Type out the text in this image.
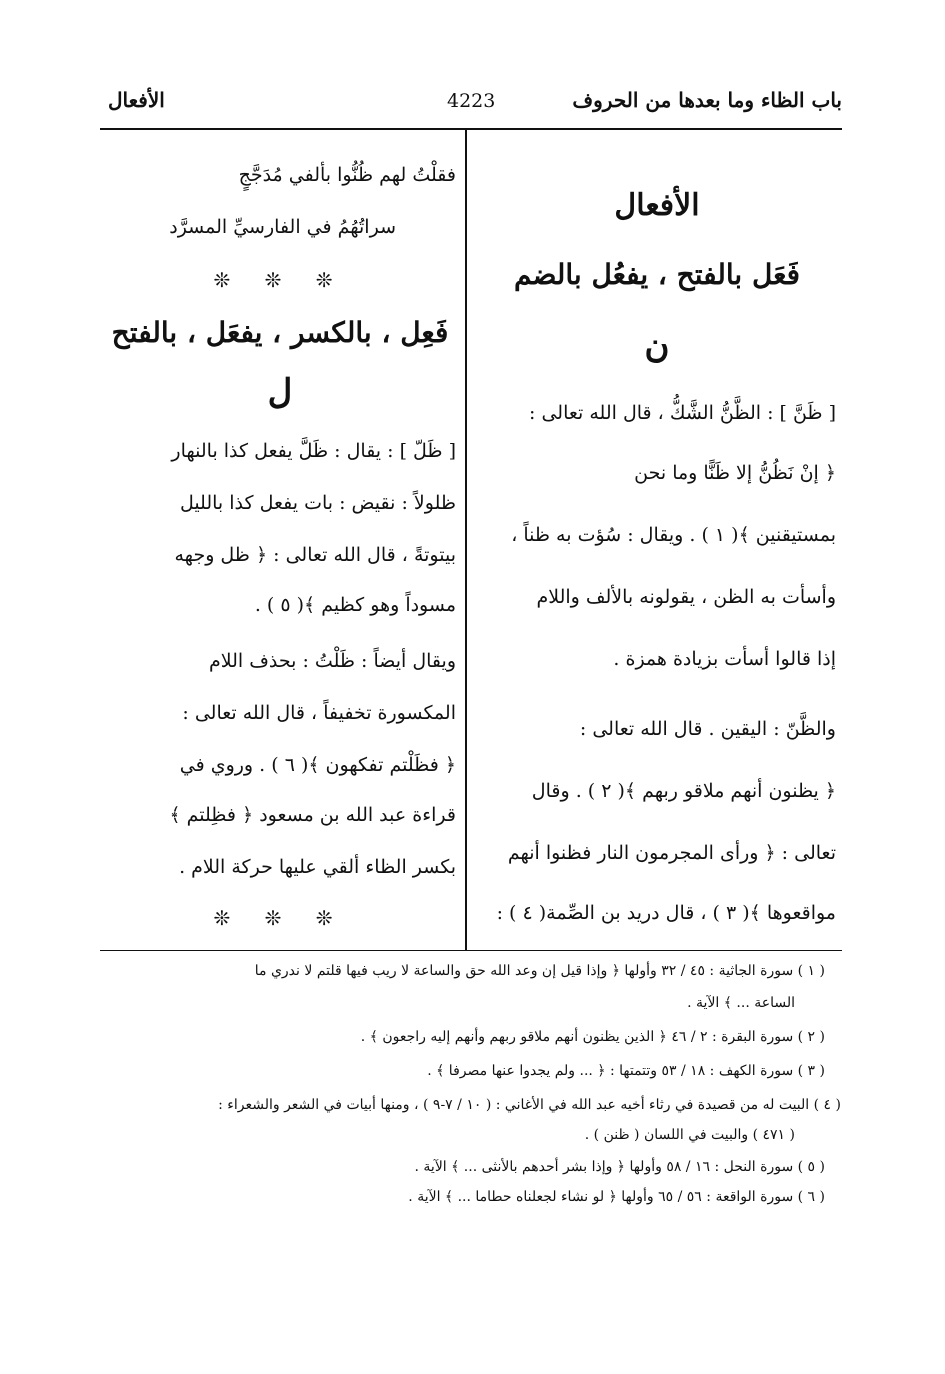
باب الظاء وما بعدها من الحروف
4223
الأفعال
الأفعال
فَعَل بالفتح ، يفعُل بالضم
ن
[ ظَنَّ ] : الظَّنُّ الشَّكُّ ، قال الله تعالى :
﴿ إنْ نَظُنُّ إلا ظَنًّا وما نحن
بمستيقنين ﴾( ١ ) . ويقال : سُؤت به ظناً ،
وأسأت به الظن ، يقولونه بالألف واللام
إذا قالوا أسأت بزيادة همزة .
والظَّنّ : اليقين . قال الله تعالى :
﴿ يظنون أنهم ملاقو ربهم ﴾( ٢ ) . وقال
تعالى : ﴿ ورأى المجرمون النار فظنوا أنهم
مواقعوها ﴾( ٣ ) ، قال دريد بن الصِّمة( ٤ ) :
فقلْتُ لهم ظُنُّوا بألفي مُدَجَّجٍ
سراتُهُمُ في الفارسيِّ المسرَّد
❊ ❊ ❊
فَعِل ، بالكسر ، يفعَل ، بالفتح
ل
[ ظَلّ ] : يقال : ظَلَّ يفعل كذا بالنهار
ظلولاً : نقيض : بات يفعل كذا بالليل
بيتوتةً ، قال الله تعالى : ﴿ ظل وجهه
مسوداً وهو كظيم ﴾( ٥ ) .
ويقال أيضاً : ظَلْتُ : بحذف اللام
المكسورة تخفيفاً ، قال الله تعالى :
﴿ فظَلْتم تفكهون ﴾( ٦ ) . وروي في
قراءة عبد الله بن مسعود ﴿ فظِلتم ﴾
بكسر الظاء ألقي عليها حركة اللام .
❊ ❊ ❊
( ١ ) سورة الجاثية : ٤٥ / ٣٢ وأولها ﴿ وإذا قيل إن وعد الله حق والساعة لا ريب فيها قلتم لا ندري ما
الساعة ... ﴾ الآية .
( ٢ ) سورة البقرة : ٢ / ٤٦ ﴿ الذين يظنون أنهم ملاقو ربهم وأنهم إليه راجعون ﴾ .
( ٣ ) سورة الكهف : ١٨ / ٥٣ وتتمتها : ﴿ ... ولم يجدوا عنها مصرفا ﴾ .
( ٤ ) البيت له من قصيدة في رثاء أخيه عبد الله في الأغاني : ( ١٠ / ٧-٩ ) ، ومنها أبيات في الشعر والشعراء :
( ٤٧١ ) والبيت في اللسان ( ظنن ) .
( ٥ ) سورة النحل : ١٦ / ٥٨ وأولها ﴿ وإذا بشر أحدهم بالأنثى ... ﴾ الآية .
( ٦ ) سورة الواقعة : ٥٦ / ٦٥ وأولها ﴿ لو نشاء لجعلناه حطاما ... ﴾ الآية .
